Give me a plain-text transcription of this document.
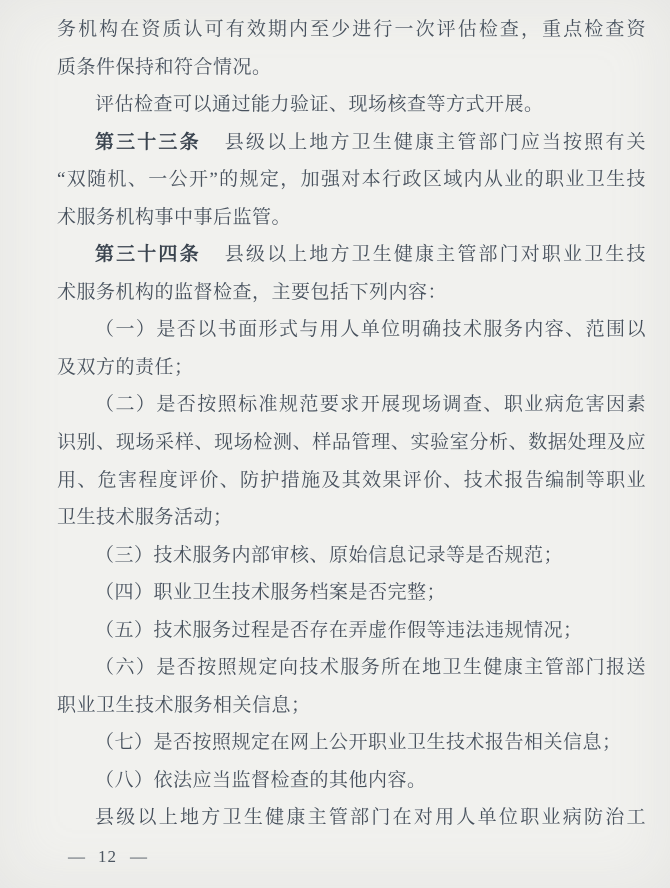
务机构在资质认可有效期内至少进行一次评估检查，重点检查资
质条件保持和符合情况。
评估检查可以通过能力验证、现场核查等方式开展。
第三十三条 县级以上地方卫生健康主管部门应当按照有关
“双随机、一公开”的规定，加强对本行政区域内从业的职业卫生技
术服务机构事中事后监管。
第三十四条 县级以上地方卫生健康主管部门对职业卫生技
术服务机构的监督检查，主要包括下列内容：
（一）是否以书面形式与用人单位明确技术服务内容、范围以
及双方的责任；
（二）是否按照标准规范要求开展现场调查、职业病危害因素
识别、现场采样、现场检测、样品管理、实验室分析、数据处理及应
用、危害程度评价、防护措施及其效果评价、技术报告编制等职业
卫生技术服务活动；
（三）技术服务内部审核、原始信息记录等是否规范；
（四）职业卫生技术服务档案是否完整；
（五）技术服务过程是否存在弄虚作假等违法违规情况；
（六）是否按照规定向技术服务所在地卫生健康主管部门报送
职业卫生技术服务相关信息；
（七）是否按照规定在网上公开职业卫生技术报告相关信息；
（八）依法应当监督检查的其他内容。
县级以上地方卫生健康主管部门在对用人单位职业病防治工
— 12 —
